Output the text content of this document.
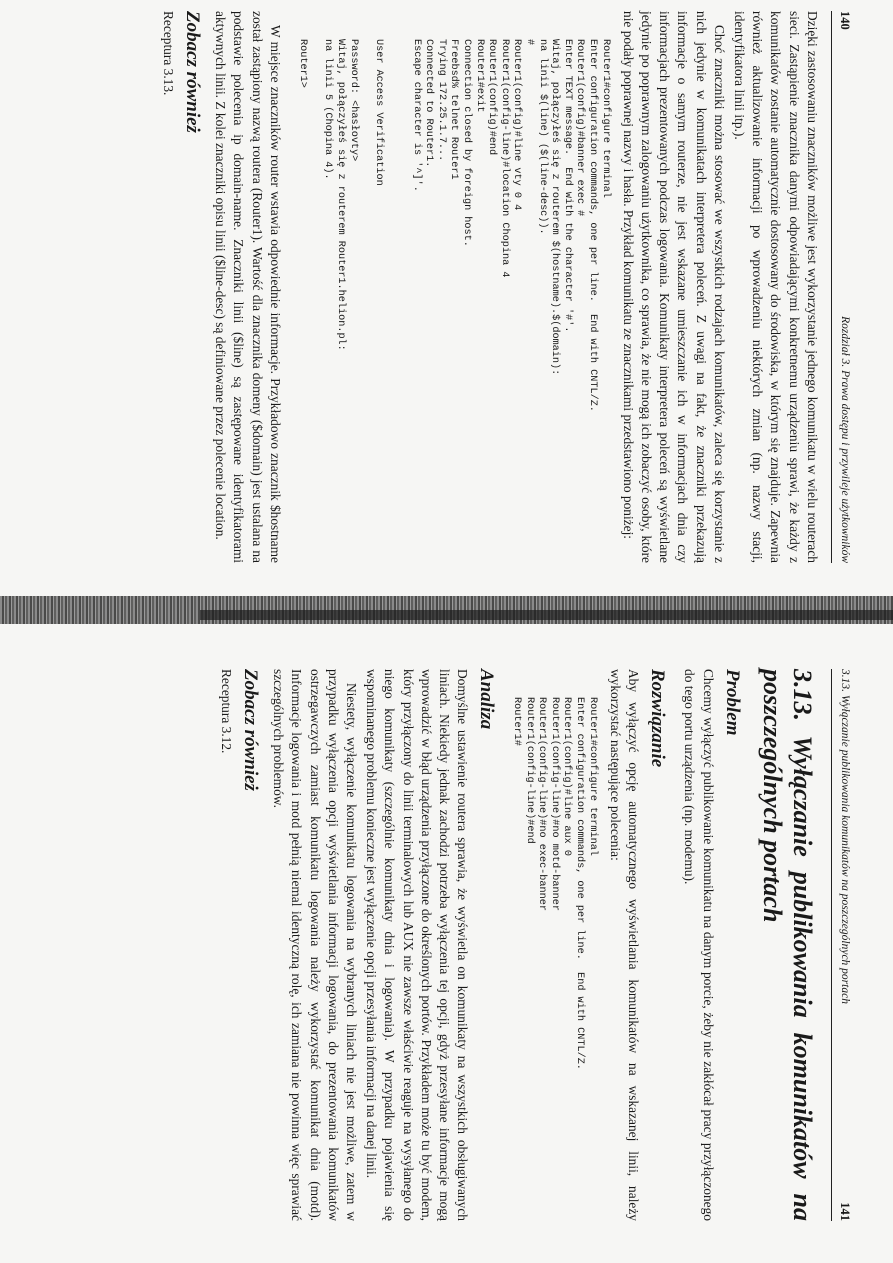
140
Rozdział 3. Prawa dostępu i przywileje użytkowników

Dzięki zastosowaniu znaczników możliwe jest wykorzystanie jednego komunikatu w wielu routerach sieci. Zastąpienie znacznika danymi odpowiadającymi konkretnemu urządzeniu sprawi, że każdy z komunikatów zostanie automatycznie dostosowany do środowiska, w którym się znajduje. Zapewnia również aktualizowanie informacji po wprowadzeniu niektórych zmian (np. nazwy stacji, identyfikatora linii itp.).

Choć znaczniki można stosować we wszystkich rodzajach komunikatów, zaleca się korzystanie z nich jedynie w komunikatach interpretera poleceń. Z uwagi na fakt, że znaczniki przekazują informacje o samym routerze, nie jest wskazane umieszczanie ich w informacjach dnia czy informacjach prezentowanych podczas logowania. Komunikaty interpretera poleceń są wyświetlane jedynie po poprawnym zalogowaniu użytkownika, co sprawia, że nie mogą ich zobaczyć osoby, które nie podały poprawnej nazwy i hasła. Przykład komunikatu ze znacznikami przedstawiono poniżej:

Router1#configure terminal
Enter configuration commands, one per line.  End with CNTL/Z.
Router1(config)#banner exec #
Enter TEXT message.  End with the character '#'.
Witaj, połączyłeś się z routerem $(hostname).$(domain):
na linii $(line) ($(line-desc)).
#
Router1(config)#line vty 0 4
Router1(config-line)#location Chopina 4
Router1(config)#end
Router1#exit
Connection closed by foreign host.
Freebsd% telnet Router1
Trying 172.25.1.7...
Connected to Router1.
Escape character is '^]'.

User Access Verification

Password: <hasłovty>
Witaj, połączyłeś się z routerem Router1.helion.pl:
na linii 5 (Chopina 4).

Router1>

W miejsce znaczników router wstawia odpowiednie informacje. Przykładowo znacznik $hostname został zastąpiony nazwą routera (Router1). Wartość dla znacznika domeny ($domain) jest ustalana na podstawie polecenia ip domain-name. Znaczniki linii ($line) są zastępowane identyfikatorami aktywnych linii. Z kolei znaczniki opisu linii ($line-desc) są definiowane przez polecenie location.

Zobacz również

Receptura 3.13.

3.13. Wyłączanie publikowania komunikatów na poszczególnych portach
141
3.13. Wyłączanie publikowania komunikatów na poszczególnych portach
Problem

Chcemy wyłączyć publikowanie komunikatu na danym porcie, żeby nie zakłócał pracy przyłączonego do tego portu urządzenia (np. modemu).

Rozwiązanie

Aby wyłączyć opcję automatycznego wyświetlania komunikatów na wskazanej linii, należy wykorzystać następujące polecenia:

Router1#configure terminal
Enter configuration commands, one per line.  End with CNTL/Z.
Router1(config)#line aux 0
Router1(config-line)#no motd-banner
Router1(config-line)#no exec-banner
Router1(config-line)#end
Router1#
Analiza

Domyślne ustawienie routera sprawia, że wyświetla on komunikaty na wszystkich obsługiwanych liniach. Niekiedy jednak zachodzi potrzeba wyłączenia tej opcji, gdyż przesyłane informacje mogą wprowadzić w błąd urządzenia przyłączone do określonych portów. Przykładem może tu być modem, który przyłączony do linii terminalowych lub AUX nie zawsze właściwie reaguje na wysyłanego do niego komunikaty (szczególnie komunikaty dnia i logowania). W przypadku pojawienia się wspominanego problemu konieczne jest wyłączenie opcji przesyłania informacji na danej linii.

Niestety, wyłączenie komunikatu logowania na wybranych liniach nie jest możliwe, zatem w przypadku wyłączenia opcji wyświetlania informacji logowania, do prezentowania komunikatów ostrzegawczych zamiast komunikatu logowania należy wykorzystać komunikat dnia (motd). Informacje logowania i motd pełnią niemal identyczną rolę, ich zamiana nie powinna więc sprawiać szczególnych problemów.

Zobacz również

Receptura 3.12.
